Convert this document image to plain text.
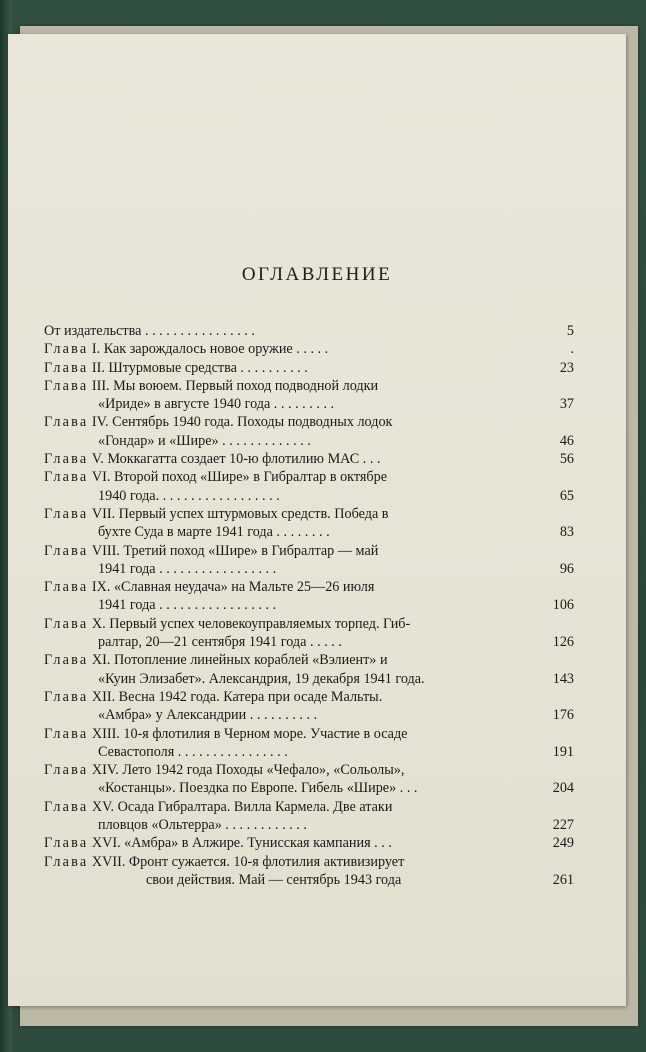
ОГЛАВЛЕНИЕ
От издательства . . . . . . . . . . . . . . . .	5
Глава I. Как зарождалось новое оружие . . . . .	.
Глава II. Штурмовые средства . . . . . . . . . .	23
Глава III. Мы воюем. Первый поход подводной лодки
«Ириде» в августе 1940 года . . . . . . . . .	37
Глава IV. Сентябрь 1940 года. Походы подводных лодок
«Гондар» и «Шире» . . . . . . . . . . . . .	46
Глава V. Моккагатта создает 10-ю флотилию МАС . . .	56
Глава VI. Второй поход «Шире» в Гибралтар в октябре
1940 года. . . . . . . . . . . . . . . . . .	65
Глава VII. Первый успех штурмовых средств. Победа в
бухте Суда в марте 1941 года . . . . . . . .	83
Глава VIII. Третий поход «Шире» в Гибралтар — май
1941 года . . . . . . . . . . . . . . . . .	96
Глава IX. «Славная неудача» на Мальте 25—26 июля
1941 года . . . . . . . . . . . . . . . . .	106
Глава X. Первый успех человекоуправляемых торпед. Гиб-
ралтар, 20—21 сентября 1941 года . . . . .	126
Глава XI. Потопление линейных кораблей «Вэлиент» и
«Куин Элизабет». Александрия, 19 декабря 1941 года.	143
Глава XII. Весна 1942 года. Катера при осаде Мальты.
«Амбра» у Александрии . . . . . . . . . .	176
Глава XIII. 10-я флотилия в Черном море. Участие в осаде
Севастополя . . . . . . . . . . . . . . . .	191
Глава XIV. Лето 1942 года Походы «Чефало», «Сольолы»,
«Костанцы». Поездка по Европе. Гибель «Шире» . . .	204
Глава XV. Осада Гибралтара. Вилла Кармела. Две атаки
пловцов «Ольтерра» . . . . . . . . . . . .	227
Глава XVI. «Амбра» в Алжире. Тунисская кампания . . .	249
Глава XVII. Фронт сужается. 10-я флотилия активизирует
свои действия. Май — сентябрь 1943 года	261
